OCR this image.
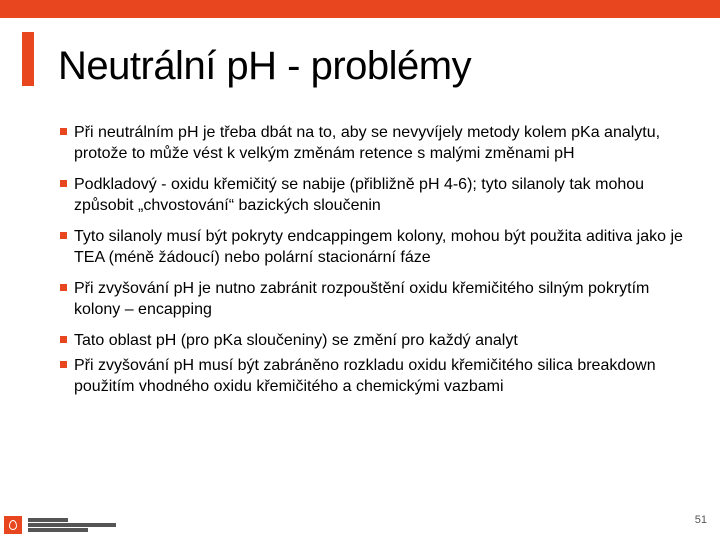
Neutrální pH - problémy
Při neutrálním pH je třeba dbát na to, aby se nevyvíjely metody kolem pKa analytu, protože to může vést k velkým změnám retence s malými změnami pH
Podkladový - oxidu křemičitý se nabije (přibližně pH 4-6); tyto silanoly tak mohou způsobit „chvostování“ bazických sloučenin
Tyto silanoly musí být pokryty endcappingem kolony, mohou být použita aditiva jako je TEA (méně žádoucí) nebo polární stacionární fáze
Při zvyšování pH je nutno zabránit rozpouštění oxidu křemičitého silným pokrytím kolony – encapping
Tato oblast pH (pro pKa sloučeniny) se změní pro každý analyt
Při zvyšování pH musí být zabráněno rozkladu oxidu křemičitého silica breakdown použitím vhodného oxidu křemičitého a chemickými vazbami
51
